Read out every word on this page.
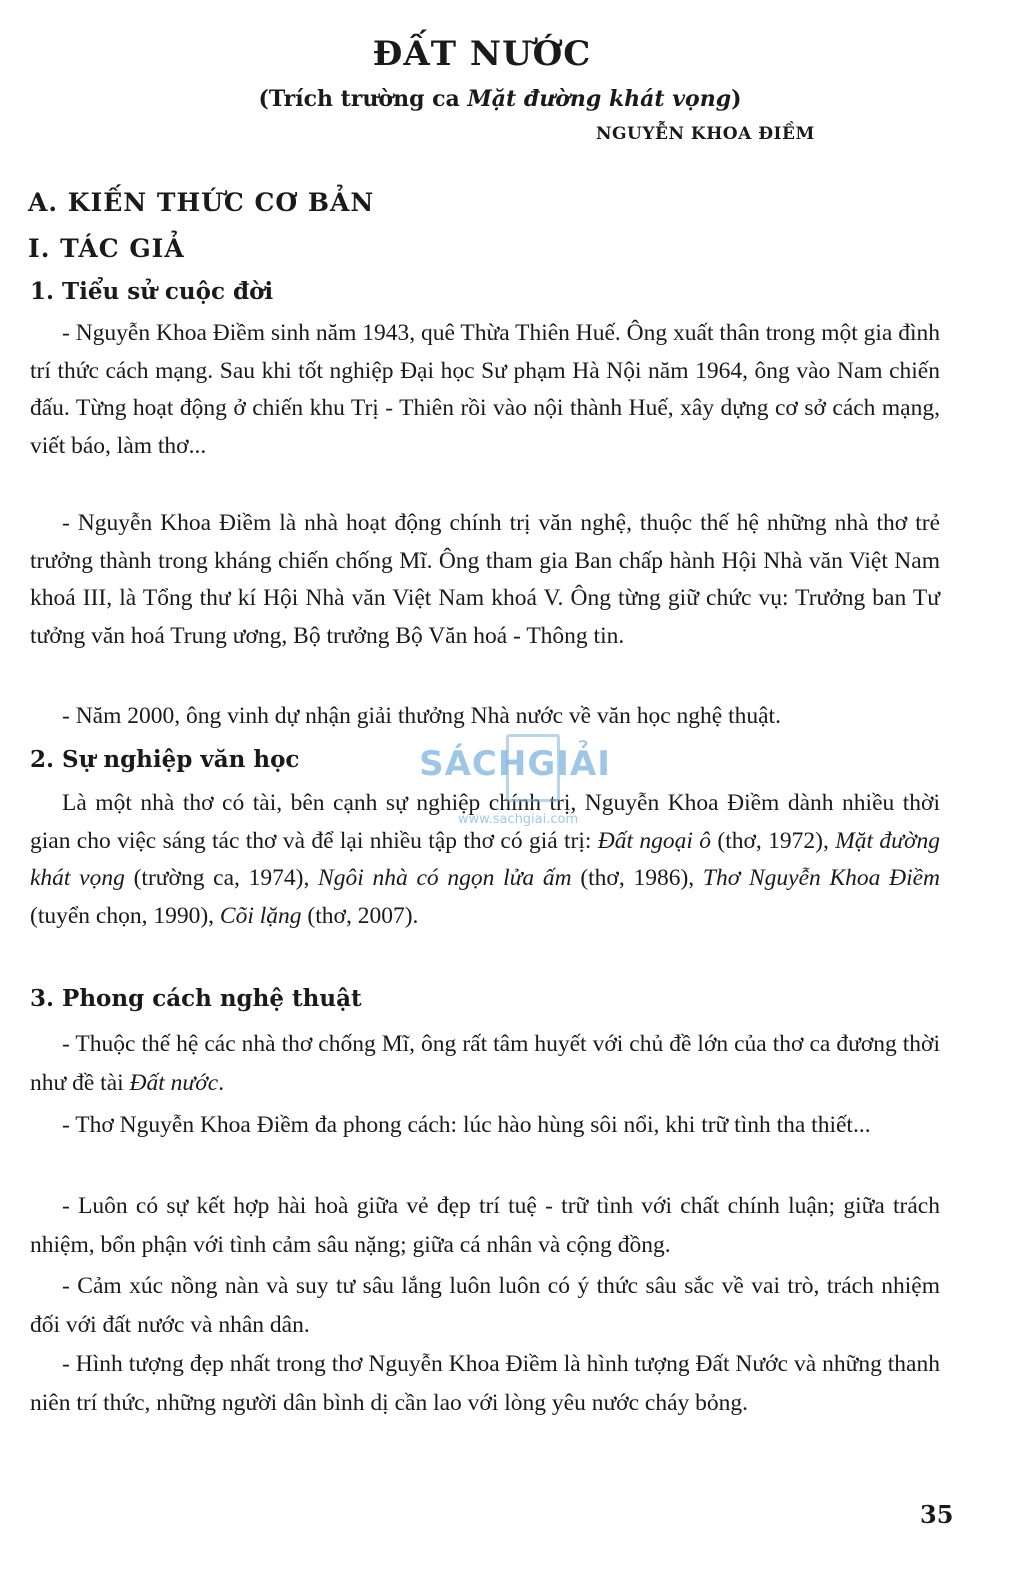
ĐẤT NƯỚC
(Trích trường ca Mặt đường khát vọng)
NGUYỄN KHOA ĐIỀM
A. KIẾN THỨC CƠ BẢN
I. TÁC GIẢ
1. Tiểu sử cuộc đời
- Nguyễn Khoa Điềm sinh năm 1943, quê Thừa Thiên Huế. Ông xuất thân trong một gia đình trí thức cách mạng. Sau khi tốt nghiệp Đại học Sư phạm Hà Nội năm 1964, ông vào Nam chiến đấu. Từng hoạt động ở chiến khu Trị - Thiên rồi vào nội thành Huế, xây dựng cơ sở cách mạng, viết báo, làm thơ...
- Nguyễn Khoa Điềm là nhà hoạt động chính trị văn nghệ, thuộc thế hệ những nhà thơ trẻ trưởng thành trong kháng chiến chống Mĩ. Ông tham gia Ban chấp hành Hội Nhà văn Việt Nam khoá III, là Tổng thư kí Hội Nhà văn Việt Nam khoá V. Ông từng giữ chức vụ: Trưởng ban Tư tưởng văn hoá Trung ương, Bộ trưởng Bộ Văn hoá - Thông tin.
- Năm 2000, ông vinh dự nhận giải thưởng Nhà nước về văn học nghệ thuật.
2. Sự nghiệp văn học
Là một nhà thơ có tài, bên cạnh sự nghiệp chính trị, Nguyễn Khoa Điềm dành nhiều thời gian cho việc sáng tác thơ và để lại nhiều tập thơ có giá trị: Đất ngoại ô (thơ, 1972), Mặt đường khát vọng (trường ca, 1974), Ngôi nhà có ngọn lửa ấm (thơ, 1986), Thơ Nguyễn Khoa Điềm (tuyển chọn, 1990), Cõi lặng (thơ, 2007).
3. Phong cách nghệ thuật
- Thuộc thế hệ các nhà thơ chống Mĩ, ông rất tâm huyết với chủ đề lớn của thơ ca đương thời như đề tài Đất nước.
- Thơ Nguyễn Khoa Điềm đa phong cách: lúc hào hùng sôi nổi, khi trữ tình tha thiết...
- Luôn có sự kết hợp hài hoà giữa vẻ đẹp trí tuệ - trữ tình với chất chính luận; giữa trách nhiệm, bổn phận với tình cảm sâu nặng; giữa cá nhân và cộng đồng.
- Cảm xúc nồng nàn và suy tư sâu lắng luôn luôn có ý thức sâu sắc về vai trò, trách nhiệm đối với đất nước và nhân dân.
- Hình tượng đẹp nhất trong thơ Nguyễn Khoa Điềm là hình tượng Đất Nước và những thanh niên trí thức, những người dân bình dị cần lao với lòng yêu nước cháy bỏng.
SÁCHGIẢI
www.sachgiai.com
35
